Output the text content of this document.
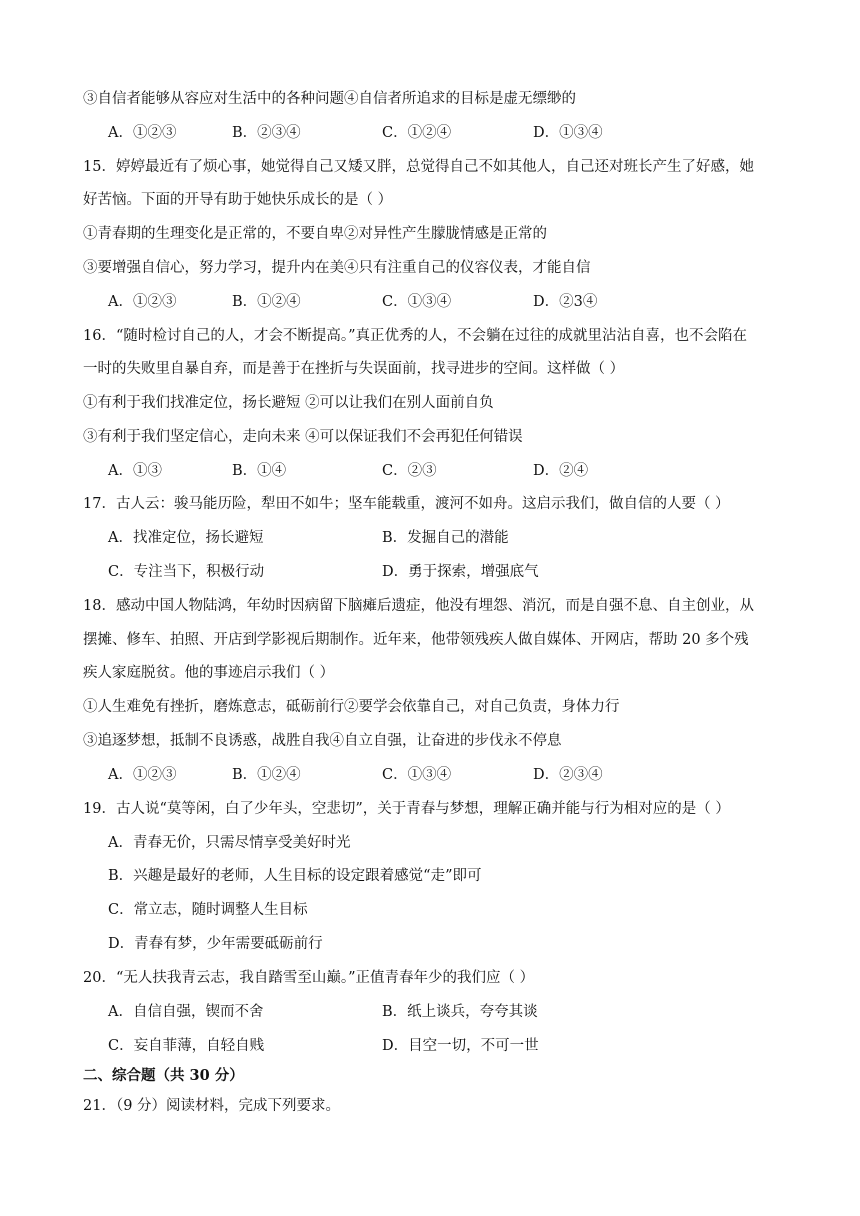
③自信者能够从容应对生活中的各种问题④自信者所追求的目标是虚无缥缈的
A．①②③	B．②③④	C．①②④	D．①③④
15．婷婷最近有了烦心事，她觉得自己又矮又胖，总觉得自己不如其他人，自己还对班长产生了好感，她
好苦恼。下面的开导有助于她快乐成长的是（ ）
①青春期的生理变化是正常的，不要自卑②对异性产生朦胧情感是正常的
③要增强自信心，努力学习，提升内在美④只有注重自己的仪容仪表，才能自信
A．①②③	B．①②④	C．①③④	D．②3④
16．“随时检讨自己的人，才会不断提高。”真正优秀的人，不会躺在过往的成就里沾沾自喜，也不会陷在
一时的失败里自暴自弃，而是善于在挫折与失误面前，找寻进步的空间。这样做（ ）
①有利于我们找准定位，扬长避短 ②可以让我们在别人面前自负
③有利于我们坚定信心，走向未来 ④可以保证我们不会再犯任何错误
A．①③	B．①④	C．②③	D．②④
17．古人云：骏马能历险，犁田不如牛；坚车能载重，渡河不如舟。这启示我们，做自信的人要（ ）
A．找准定位，扬长避短	B．发掘自己的潜能
C．专注当下，积极行动	D．勇于探索，增强底气
18．感动中国人物陆鸿，年幼时因病留下脑瘫后遗症，他没有埋怨、消沉，而是自强不息、自主创业，从
摆摊、修车、拍照、开店到学影视后期制作。近年来，他带领残疾人做自媒体、开网店，帮助 20 多个残
疾人家庭脱贫。他的事迹启示我们（ ）
①人生难免有挫折，磨炼意志，砥砺前行②要学会依靠自己，对自己负责，身体力行
③追逐梦想，抵制不良诱惑，战胜自我④自立自强，让奋进的步伐永不停息
A．①②③	B．①②④	C．①③④	D．②③④
19．古人说“莫等闲，白了少年头，空悲切”，关于青春与梦想，理解正确并能与行为相对应的是（ ）
A．青春无价，只需尽情享受美好时光
B．兴趣是最好的老师，人生目标的设定跟着感觉“走”即可
C．常立志，随时调整人生目标
D．青春有梦，少年需要砥砺前行
20．“无人扶我青云志，我自踏雪至山巅。”正值青春年少的我们应（ ）
A．自信自强，锲而不舍	B．纸上谈兵，夸夸其谈
C．妄自菲薄，自轻自贱	D．目空一切，不可一世
二、综合题（共 30 分）
21．（9 分）阅读材料，完成下列要求。
